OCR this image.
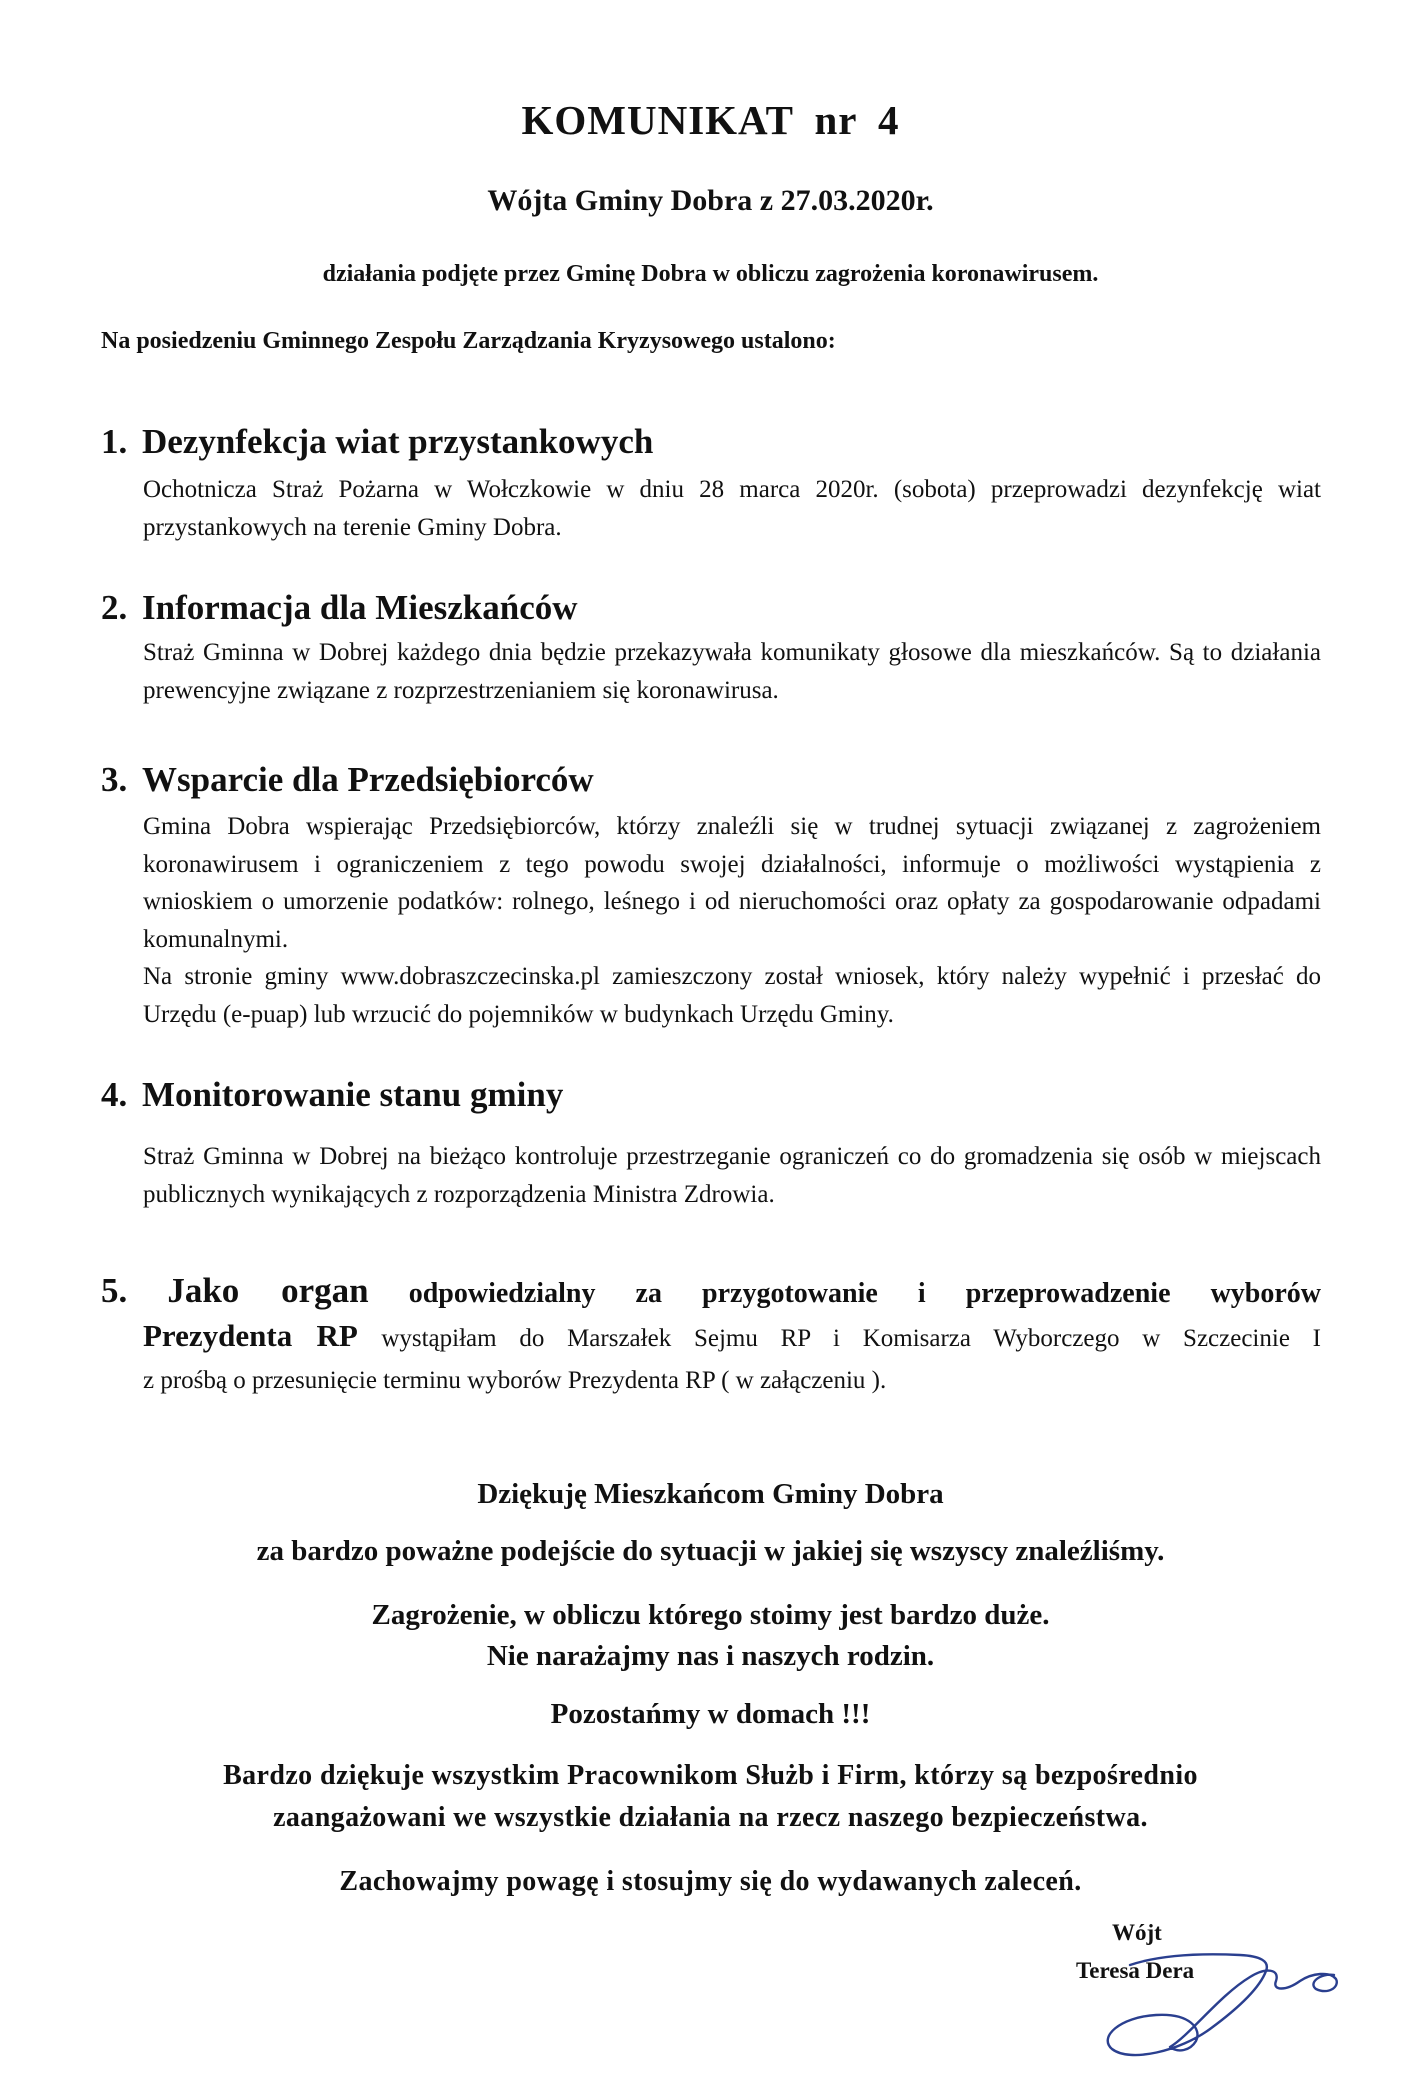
KOMUNIKAT nr 4
Wójta Gminy Dobra z 27.03.2020r.
działania podjęte przez Gminę Dobra w obliczu zagrożenia koronawirusem.
Na posiedzeniu Gminnego Zespołu Zarządzania Kryzysowego ustalono:
1. Dezynfekcja wiat przystankowych

Ochotnicza Straż Pożarna w Wołczkowie w dniu 28 marca 2020r. (sobota) przeprowadzi dezynfekcję wiat przystankowych na terenie Gminy Dobra.

2. Informacja dla Mieszkańców

Straż Gminna w Dobrej każdego dnia będzie przekazywała komunikaty głosowe dla mieszkańców. Są to działania prewencyjne związane z rozprzestrzenianiem się koronawirusa.

3. Wsparcie dla Przedsiębiorców

Gmina Dobra wspierając Przedsiębiorców, którzy znaleźli się w trudnej sytuacji związanej z zagrożeniem koronawirusem i ograniczeniem z tego powodu swojej działalności, informuje o możliwości wystąpienia z wnioskiem o umorzenie podatków: rolnego, leśnego i od nieruchomości oraz opłaty za gospodarowanie odpadami komunalnymi.

Na stronie gminy www.dobraszczecinska.pl zamieszczony został wniosek, który należy wypełnić i przesłać do Urzędu (e-puap) lub wrzucić do pojemników w budynkach Urzędu Gminy.

4. Monitorowanie stanu gminy

Straż Gminna w Dobrej na bieżąco kontroluje przestrzeganie ograniczeń co do gromadzenia się osób w miejscach publicznych wynikających z rozporządzenia Ministra Zdrowia.

5. Jako organ odpowiedzialny za przygotowanie i przeprowadzenie wyborów
Prezydenta RP wystąpiłam do Marszałek Sejmu RP i Komisarza Wyborczego w Szczecinie I
z prośbą o przesunięcie terminu wyborów Prezydenta RP ( w załączeniu ).
Dziękuję Mieszkańcom Gminy Dobra
za bardzo poważne podejście do sytuacji w jakiej się wszyscy znaleźliśmy.
Zagrożenie, w obliczu którego stoimy jest bardzo duże.
Nie narażajmy nas i naszych rodzin.
Pozostańmy w domach !!!
Bardzo dziękuje wszystkim Pracownikom Służb i Firm, którzy są bezpośrednio
zaangażowani we wszystkie działania na rzecz naszego bezpieczeństwa.
Zachowajmy powagę i stosujmy się do wydawanych zaleceń.
Wójt
Teresa Dera
